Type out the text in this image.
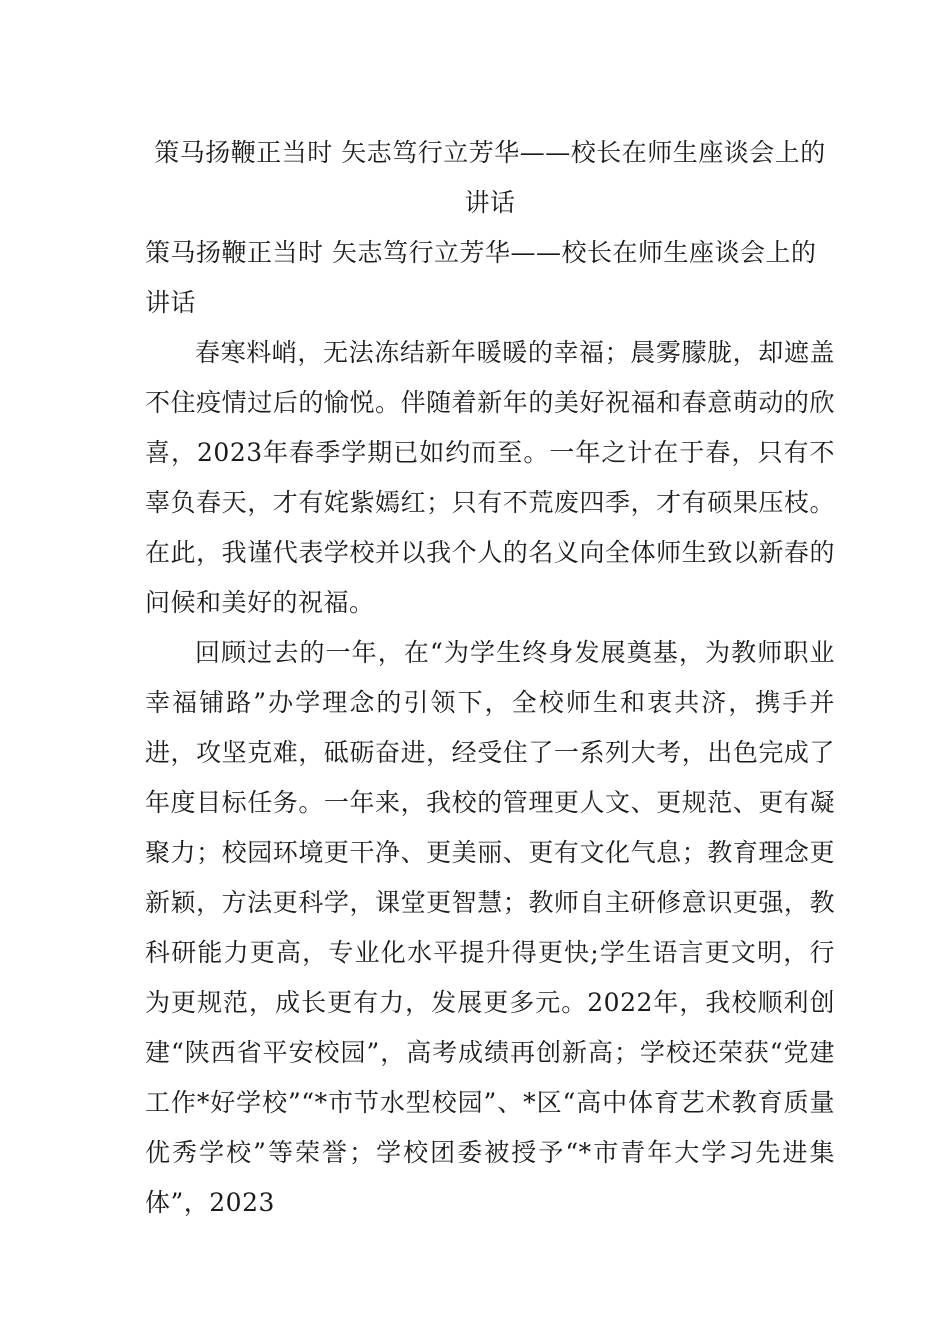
策马扬鞭正当时 矢志笃行立芳华——校长在师生座谈会上的讲话

策马扬鞭正当时 矢志笃行立芳华——校长在师生座谈会上的讲话

春寒料峭，无法冻结新年暖暖的幸福；晨雾朦胧，却遮盖不住疫情过后的愉悦。伴随着新年的美好祝福和春意萌动的欣喜，2023年春季学期已如约而至。一年之计在于春，只有不辜负春天，才有姹紫嫣红；只有不荒废四季，才有硕果压枝。在此，我谨代表学校并以我个人的名义向全体师生致以新春的问候和美好的祝福。

回顾过去的一年，在“为学生终身发展奠基，为教师职业幸福铺路”办学理念的引领下，全校师生和衷共济，携手并进，攻坚克难，砥砺奋进，经受住了一系列大考，出色完成了年度目标任务。一年来，我校的管理更人文、更规范、更有凝聚力；校园环境更干净、更美丽、更有文化气息；教育理念更新颖，方法更科学，课堂更智慧；教师自主研修意识更强，教科研能力更高，专业化水平提升得更快;学生语言更文明，行为更规范，成长更有力，发展更多元。2022年，我校顺利创建“陕西省平安校园”，高考成绩再创新高；学校还荣获“党建工作*好学校”“*市节水型校园”、*区“高中体育艺术教育质量优秀学校”等荣誉；学校团委被授予“*市青年大学习先进集体”，2023
